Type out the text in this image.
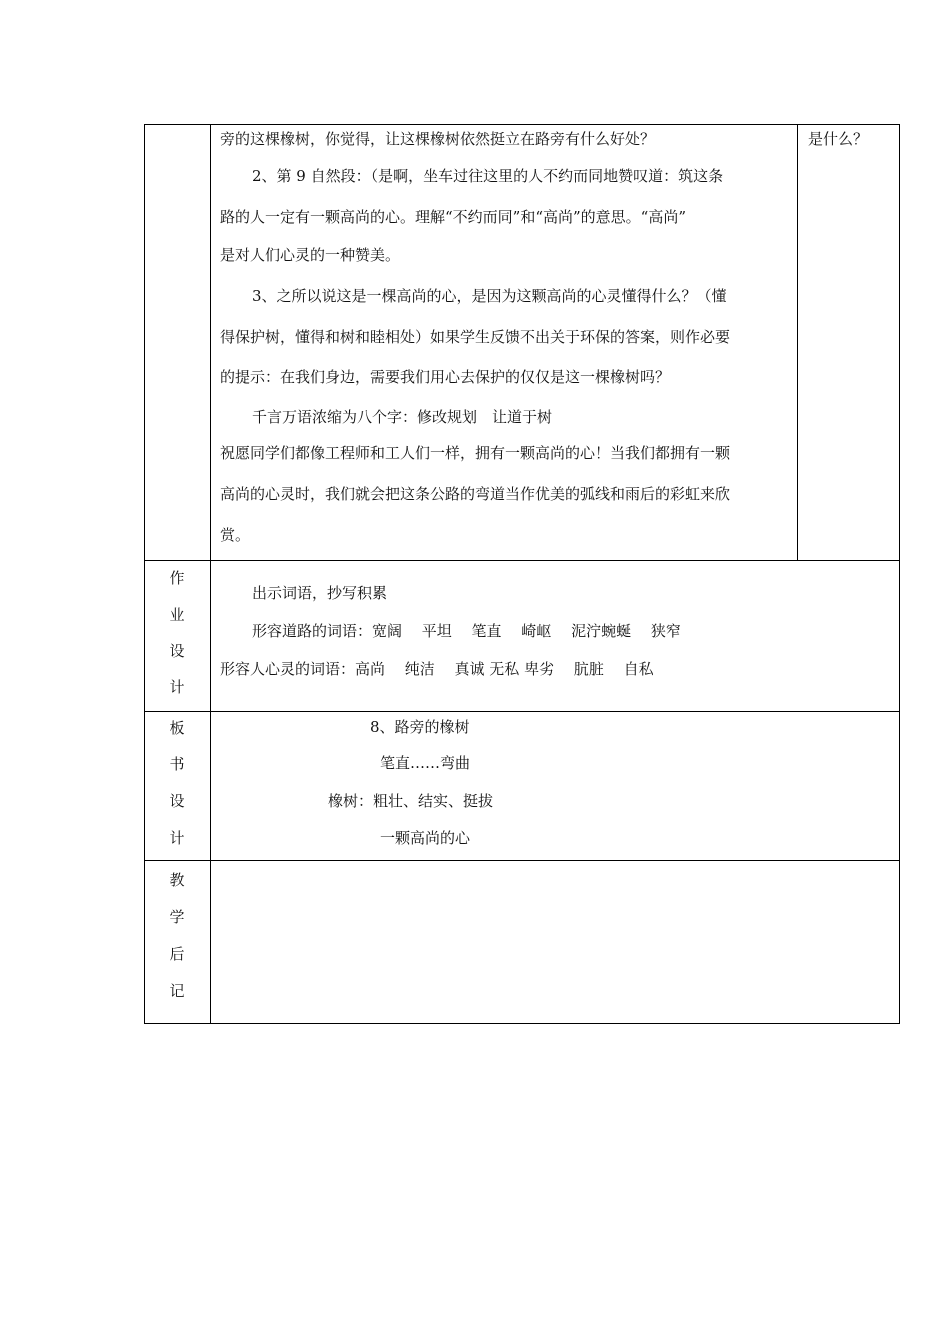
旁的这棵橡树，你觉得，让这棵橡树依然挺立在路旁有什么好处？
2、第 9 自然段：（是啊，坐车过往这里的人不约而同地赞叹道：筑这条
路的人一定有一颗高尚的心。理解“不约而同”和“高尚”的意思。“高尚”
是对人们心灵的一种赞美。
3、之所以说这是一棵高尚的心，是因为这颗高尚的心灵懂得什么？（懂
得保护树，懂得和树和睦相处）如果学生反馈不出关于环保的答案，则作必要
的提示：在我们身边，需要我们用心去保护的仅仅是这一棵橡树吗？
千言万语浓缩为八个字：修改规划　让道于树
祝愿同学们都像工程师和工人们一样，拥有一颗高尚的心！当我们都拥有一颗
高尚的心灵时，我们就会把这条公路的弯道当作优美的弧线和雨后的彩虹来欣
赏。
是什么？
作
业
设
计
出示词语，抄写积累
形容道路的词语：宽阔　 平坦　 笔直　 崎岖　 泥泞蜿蜒　 狭窄
形容人心灵的词语：高尚　 纯洁　 真诚 无私 卑劣　 肮脏　 自私
板
书
设
计
8、路旁的橡树
笔直……弯曲
橡树：粗壮、结实、挺拔
一颗高尚的心
教
学
后
记
